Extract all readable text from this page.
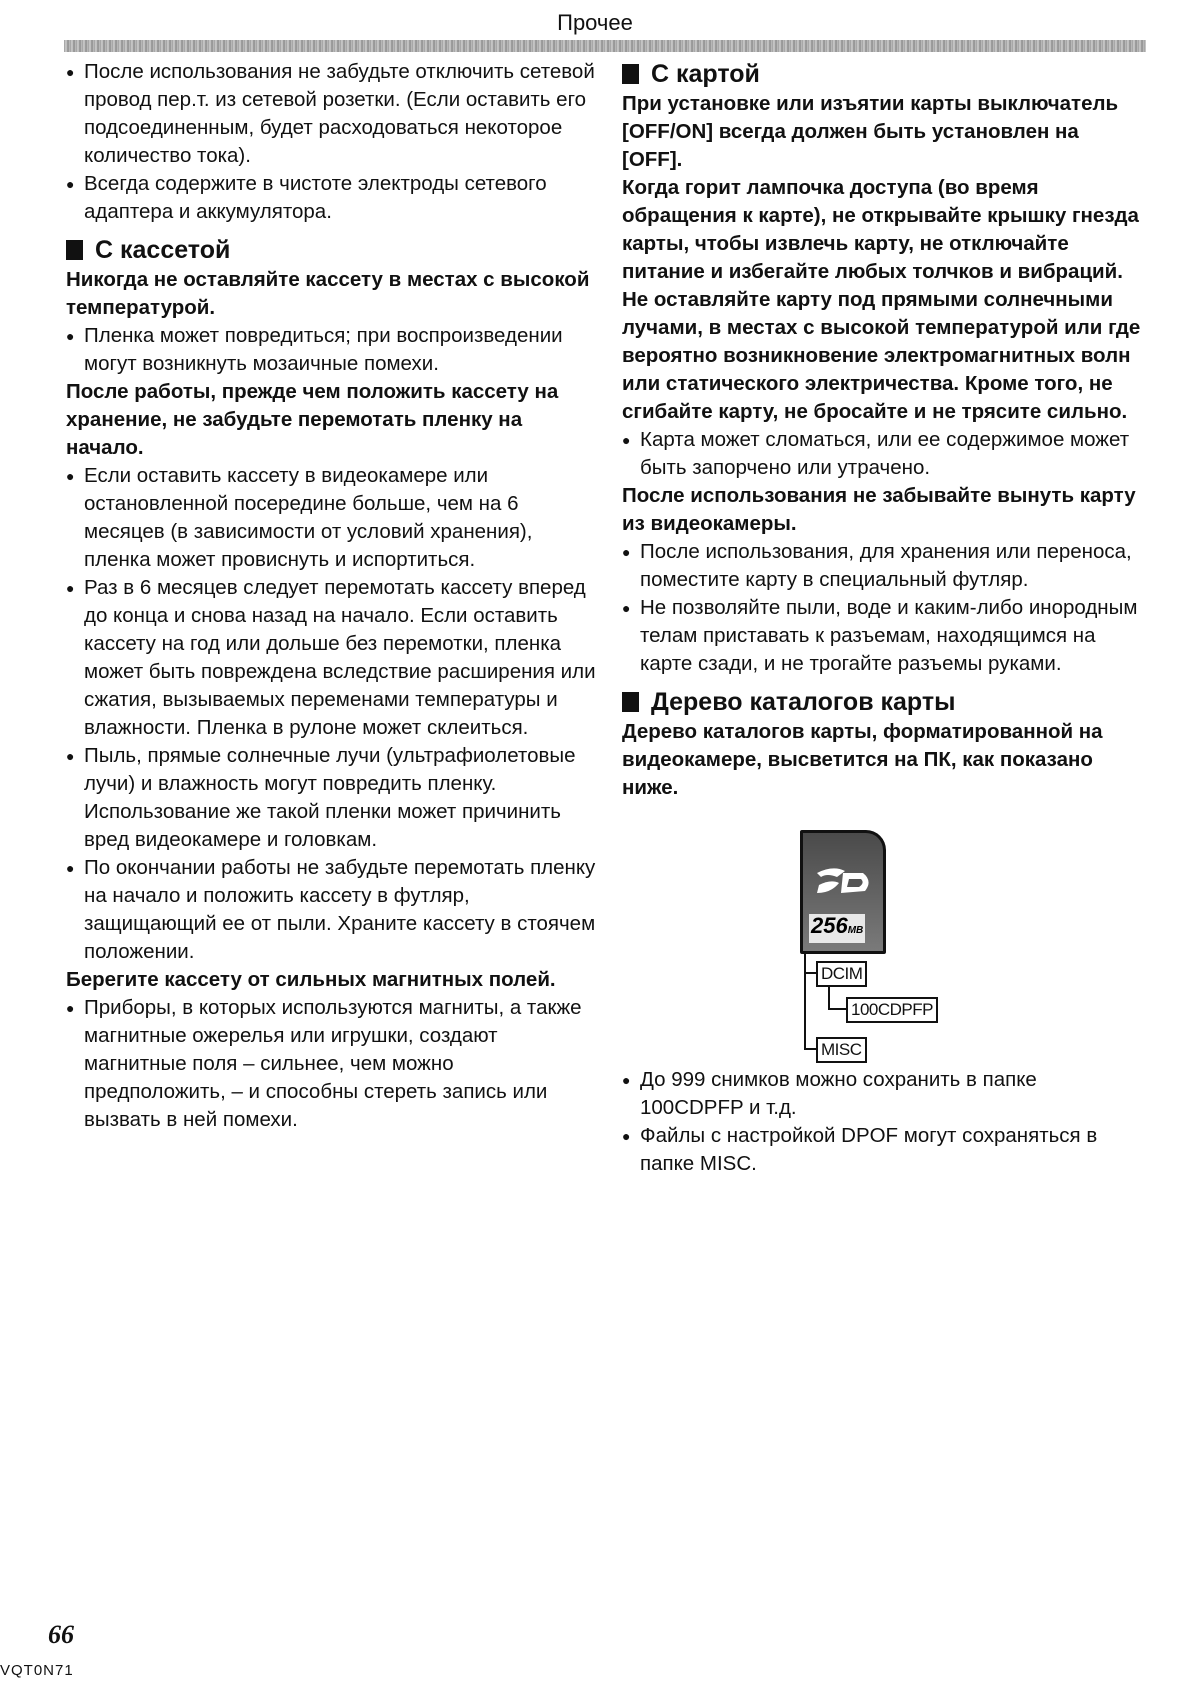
Прочее

● После использования не забудьте отключить сетевой провод пер.т. из сетевой розетки. (Если оставить его подсоединенным, будет расходоваться некоторое количество тока).

● Всегда содержите в чистоте электроды сетевого адаптера и аккумулятора.

С кассетой

Никогда не оставляйте кассету в местах с высокой температурой.

● Пленка может повредиться; при воспроизведении могут возникнуть мозаичные помехи.

После работы, прежде чем положить кассету на хранение, не забудьте перемотать пленку на начало.

● Если оставить кассету в видеокамере или остановленной посередине больше, чем на 6 месяцев (в зависимости от условий хранения), пленка может провиснуть и испортиться.

● Раз в 6 месяцев следует перемотать кассету вперед до конца и снова назад на начало. Если оставить кассету на год или дольше без перемотки, пленка может быть повреждена вследствие расширения или сжатия, вызываемых переменами температуры и влажности. Пленка в рулоне может склеиться.

● Пыль, прямые солнечные лучи (ультрафиолетовые лучи) и влажность могут повредить пленку. Использование же такой пленки может причинить вред видеокамере и головкам.

● По окончании работы не забудьте перемотать пленку на начало и положить кассету в футляр, защищающий ее от пыли. Храните кассету в стоячем положении.

Берегите кассету от сильных магнитных полей.

● Приборы, в которых используются магниты, а также магнитные ожерелья или игрушки, создают магнитные поля – сильнее, чем можно предположить, – и способны стереть запись или вызвать в ней помехи.

С картой

При установке или изъятии карты выключатель [OFF/ON] всегда должен быть установлен на [OFF].

Когда горит лампочка доступа (во время обращения к карте), не открывайте крышку гнезда карты, чтобы извлечь карту, не отключайте питание и избегайте любых толчков и вибраций.

Не оставляйте карту под прямыми солнечными лучами, в местах с высокой температурой или где вероятно возникновение электромагнитных волн или статического электричества. Кроме того, не сгибайте карту, не бросайте и не трясите сильно.

● Карта может сломаться, или ее содержимое может быть запорчено или утрачено.

После использования не забывайте вынуть карту из видеокамеры.

● После использования, для хранения или переноса, поместите карту в специальный футляр.

● Не позволяйте пыли, воде и каким-либо инородным телам приставать к разъемам, находящимся на карте сзади, и не трогайте разъемы руками.

Дерево каталогов карты

Дерево каталогов карты, форматированной на видеокамере, высветится на ПК, как показано ниже.

256MB
DCIM
100CDPFP
MISC

● До 999 снимков можно сохранить в папке 100CDPFP и т.д.

● Файлы с настройкой DPOF могут сохраняться в папке MISC.

66
VQT0N71
